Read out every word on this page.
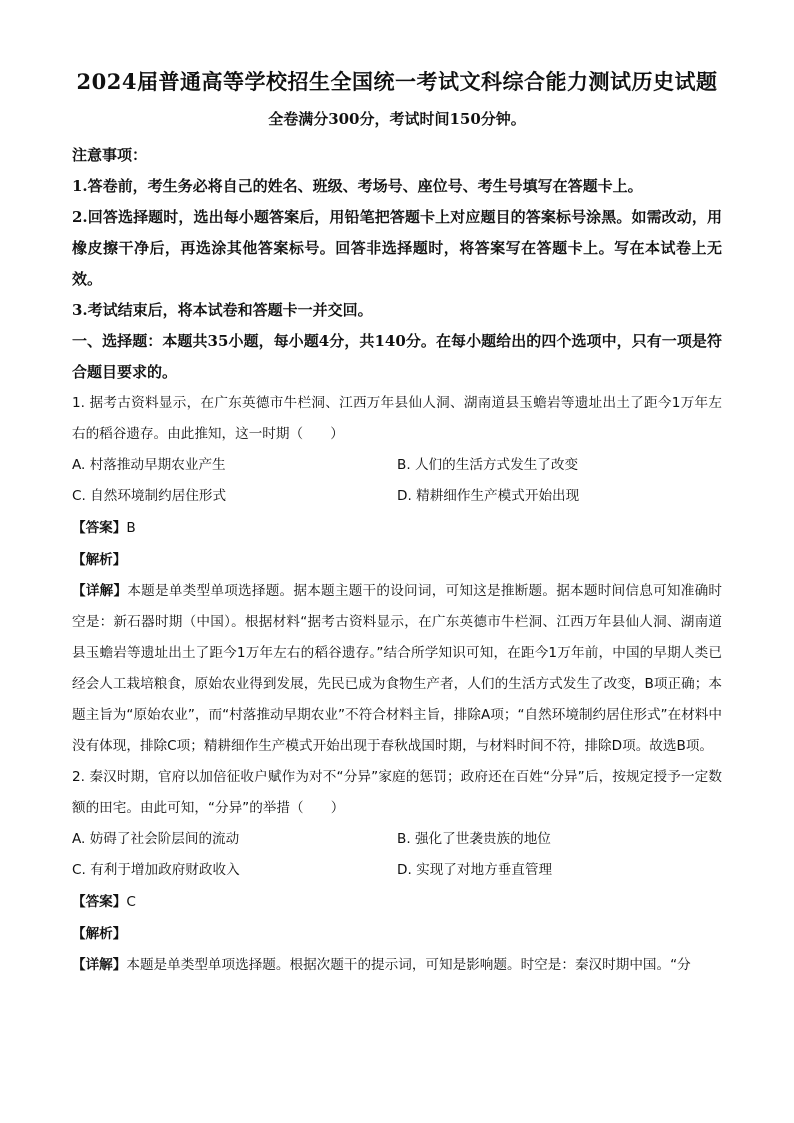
2024届普通高等学校招生全国统一考试文科综合能力测试历史试题
全卷满分300分，考试时间150分钟。

注意事项：

1.答卷前，考生务必将自己的姓名、班级、考场号、座位号、考生号填写在答题卡上。

2.回答选择题时，选出每小题答案后，用铅笔把答题卡上对应题目的答案标号涂黑。如需改动，用橡皮擦干净后，再选涂其他答案标号。回答非选择题时，将答案写在答题卡上。写在本试卷上无效。

3.考试结束后，将本试卷和答题卡一并交回。

一、选择题：本题共35小题，每小题4分，共140分。在每小题给出的四个选项中，只有一项是符合题目要求的。

1. 据考古资料显示，在广东英德市牛栏洞、江西万年县仙人洞、湖南道县玉蟾岩等遗址出土了距今1万年左右的稻谷遗存。由此推知，这一时期（　　）

A. 村落推动早期农业产生	B. 人们的生活方式发生了改变
C. 自然环境制约居住形式	D. 精耕细作生产模式开始出现
【答案】B
【解析】

【详解】本题是单类型单项选择题。据本题主题干的设问词，可知这是推断题。据本题时间信息可知准确时空是：新石器时期（中国）。根据材料“据考古资料显示，在广东英德市牛栏洞、江西万年县仙人洞、湖南道县玉蟾岩等遗址出土了距今1万年左右的稻谷遗存。”结合所学知识可知，在距今1万年前，中国的早期人类已经会人工栽培粮食，原始农业得到发展，先民已成为食物生产者，人们的生活方式发生了改变，B项正确；本题主旨为“原始农业”，而“村落推动早期农业”不符合材料主旨，排除A项；“自然环境制约居住形式”在材料中没有体现，排除C项；精耕细作生产模式开始出现于春秋战国时期，与材料时间不符，排除D项。故选B项。

2. 秦汉时期，官府以加倍征收户赋作为对不“分异”家庭的惩罚；政府还在百姓“分异”后，按规定授予一定数额的田宅。由此可知，“分异”的举措（　　）

A. 妨碍了社会阶层间的流动	B. 强化了世袭贵族的地位
C. 有利于增加政府财政收入	D. 实现了对地方垂直管理
【答案】C
【解析】

【详解】本题是单类型单项选择题。根据次题干的提示词，可知是影响题。时空是：秦汉时期中国。“分
